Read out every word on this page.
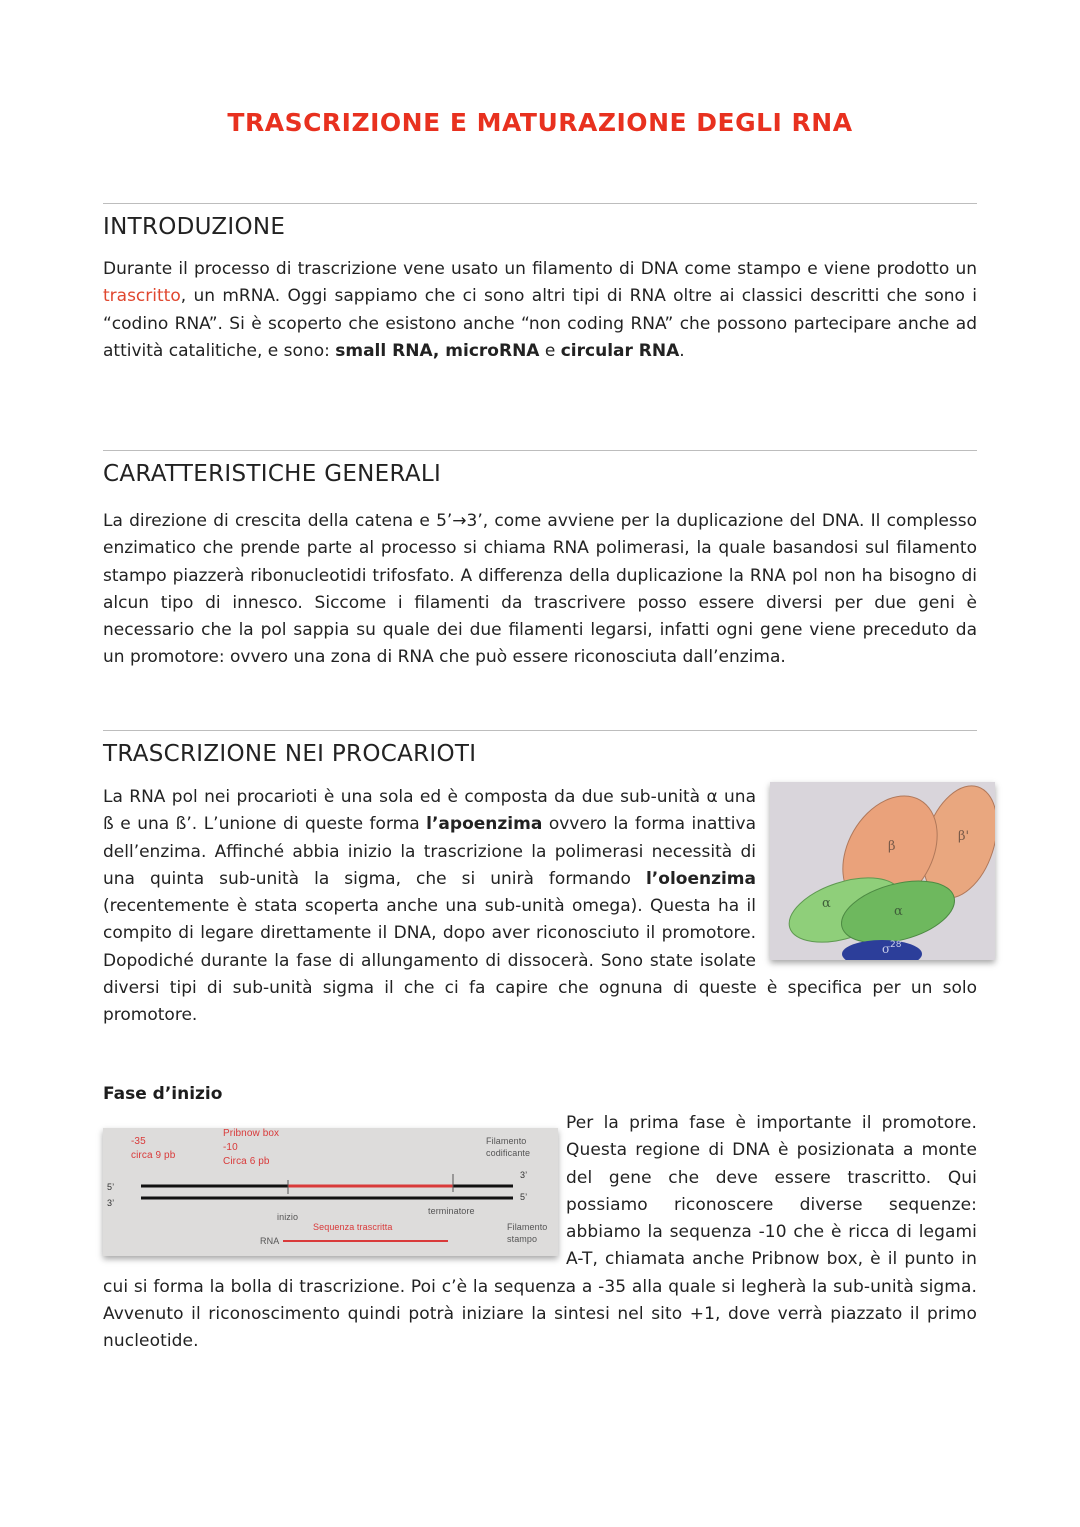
TRASCRIZIONE E MATURAZIONE DEGLI RNA
INTRODUZIONE
Durante il processo di trascrizione vene usato un filamento di DNA come stampo e viene prodotto un trascritto, un mRNA. Oggi sappiamo che ci sono altri tipi di RNA oltre ai classici descritti che sono i “codino RNA”. Si è scoperto che esistono anche “non coding RNA” che possono partecipare anche ad attività catalitiche, e sono: small RNA, microRNA e circular RNA.
CARATTERISTICHE GENERALI
La direzione di crescita della catena e 5’→3’, come avviene per la duplicazione del DNA. Il complesso enzimatico che prende parte al processo si chiama RNA polimerasi, la quale basandosi sul filamento stampo piazzerà ribonucleotidi trifosfato. A differenza della duplicazione la RNA pol non ha bisogno di alcun tipo di innesco. Siccome i filamenti da trascrivere posso essere diversi per due geni è necessario che la pol sappia su quale dei due filamenti legarsi, infatti ogni gene viene preceduto da un promotore: ovvero una zona di RNA che può essere riconosciuta dall’enzima.
TRASCRIZIONE NEI PROCARIOTI
β
β'
α
α
σ 28
La RNA pol nei procarioti è una sola ed è composta da due sub-unità α una ß e una ß’. L’unione di queste forma l’apoenzima ovvero la forma inattiva dell’enzima. Affinché abbia inizio la trascrizione la polimerasi necessità di una quinta sub-unità la sigma, che si unirà formando l’oloenzima (recentemente è stata scoperta anche una sub-unità omega). Questa ha il compito di legare direttamente il DNA, dopo aver riconosciuto il promotore. Dopodiché durante la fase di allungamento di dissocerà. Sono state isolate diversi tipi di sub-unità sigma il che ci fa capire che ognuna di queste è specifica per un solo promotore.
Fase d’inizio
-35
circa 9 pb
Pribnow box
-10
Circa 6 pb
Filamento
codificante
3’
5’
5’
3’
inizio
terminatore
Sequenza trascritta
RNA
Filamento
stampo
Per la prima fase è importante il promotore. Questa regione di DNA è posizionata a monte del gene che deve essere trascritto. Qui possiamo riconoscere diverse sequenze: abbiamo la sequenza -10 che è ricca di legami A-T, chiamata anche Pribnow box, è il punto in cui si forma la bolla di trascrizione. Poi c’è la sequenza a -35 alla quale si legherà la sub-unità sigma. Avvenuto il riconoscimento quindi potrà iniziare la sintesi nel sito +1, dove verrà piazzato il primo nucleotide.
